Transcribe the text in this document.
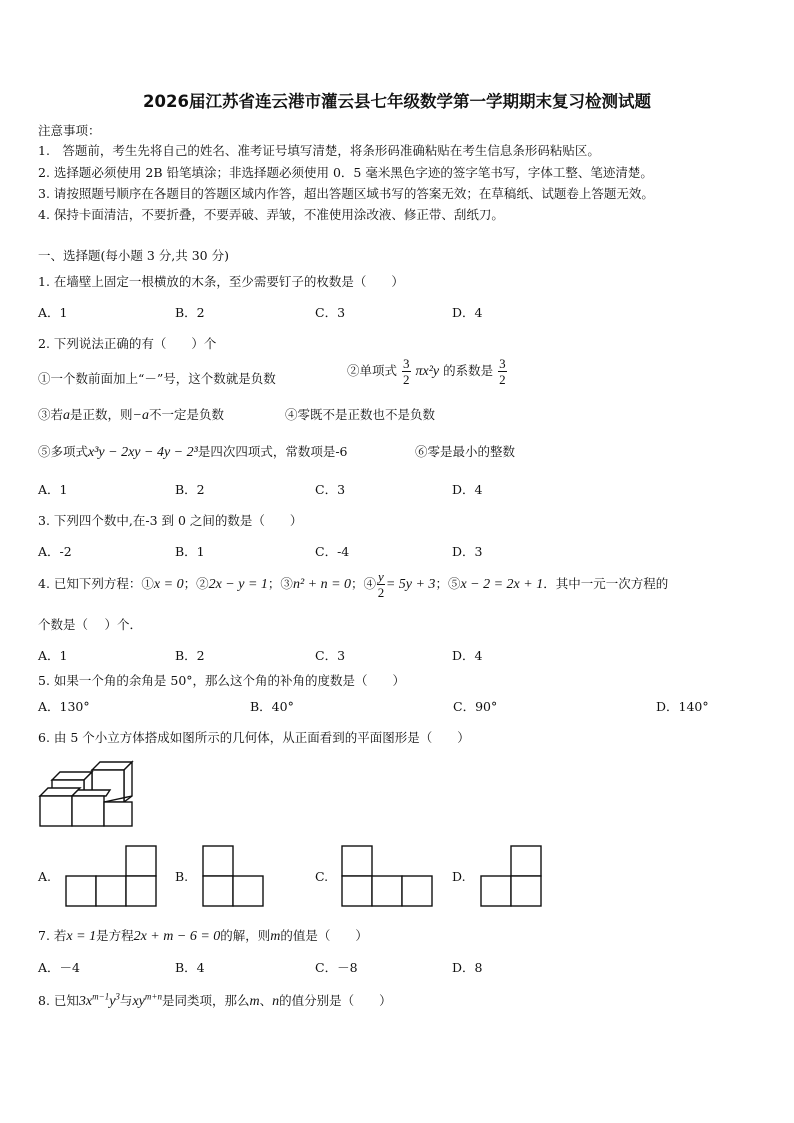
2026届江苏省连云港市灌云县七年级数学第一学期期末复习检测试题
注意事项：
1.　答题前，考生先将自己的姓名、准考证号填写清楚，将条形码准确粘贴在考生信息条形码粘贴区。
2. 选择题必须使用 2B 铅笔填涂；非选择题必须使用 0．5 毫米黑色字迹的签字笔书写，字体工整、笔迹清楚。
3. 请按照题号顺序在各题目的答题区域内作答，超出答题区域书写的答案无效；在草稿纸、试题卷上答题无效。
4. 保持卡面清洁，不要折叠，不要弄破、弄皱，不准使用涂改液、修正带、刮纸刀。
一、选择题(每小题 3 分,共 30 分)
1. 在墙壁上固定一根横放的木条，至少需要钉子的枚数是（　　）
A．1	B．2	C．3	D．4
2. 下列说法正确的有（　　）个
①一个数前面加上“－”号，这个数就是负数
②单项式 $\frac{3}{2} \pi x^2y$ 的系数是 $\frac{3}{2}$
③若a是正数，则−a不一定是负数	④零既不是正数也不是负数
⑤多项式x³y − 2xy − 4y − 2³是四次四项式，常数项是-6	⑥零是最小的整数
A．1	B．2	C．3	D．4
3. 下列四个数中,在-3 到 0 之间的数是（　　）
A．-2	B．1	C．-4	D．3
4. 已知下列方程：①x = 0；②2x − y = 1；③n² + n = 0；④ $\frac{y}{2} = 5y + 3$；⑤x − 2 = 2x + 1．其中一元一次方程的
个数是（　 ）个．
A．1	B．2	C．3	D．4
5. 如果一个角的余角是 50°，那么这个角的补角的度数是（　　）
A．130°	B．40°	C．90°	D．140°
6. 由 5 个小立方体搭成如图所示的几何体，从正面看到的平面图形是（　　）
A.	B.	C.	D.
7. 若x = 1是方程2x + m − 6 = 0的解，则m的值是（　　）
A．－4	B．4	C．－8	D．8
8. 已知$3x^{m-1}y^3$与$xy^{m+n}$是同类项，那么m、n的值分别是（　　）
